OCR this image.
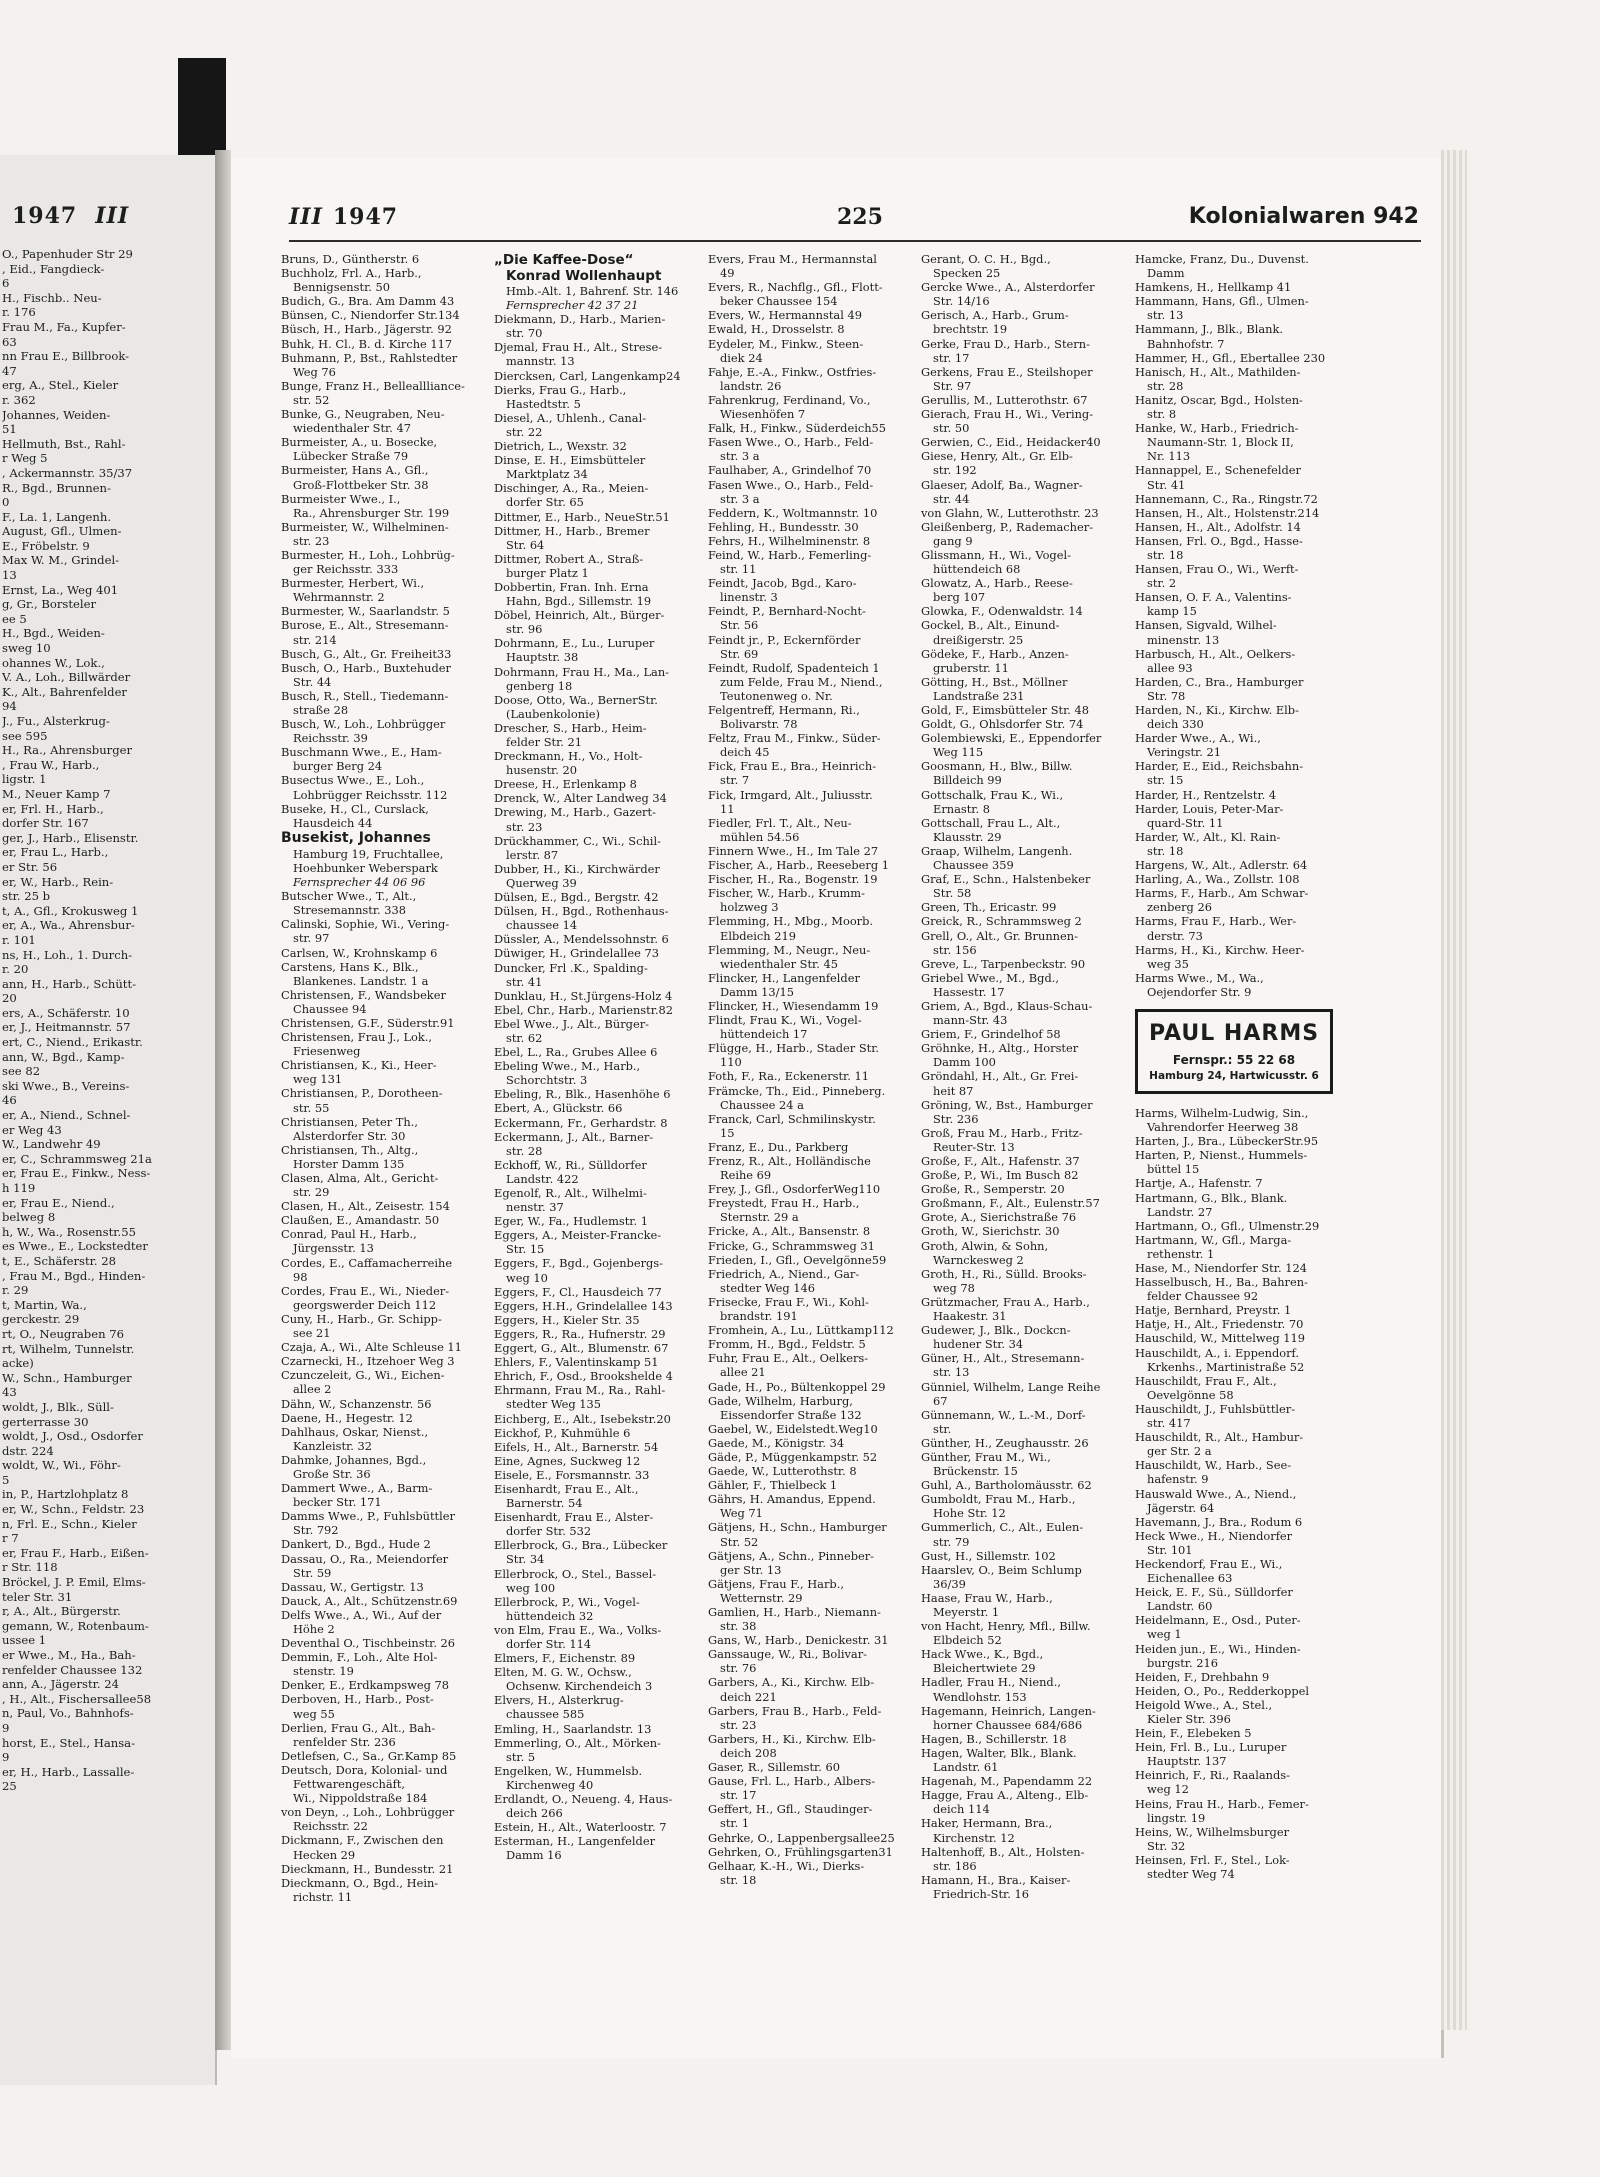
1947 III
O., Papenhuder Str 29
, Eid., Fangdieck-
6
H., Fischb.. Neu-
r. 176
Frau M., Fa., Kupfer-
63
nn Frau E., Billbrook-
47
erg, A., Stel., Kieler
r. 362
Johannes, Weiden-
51
Hellmuth, Bst., Rahl-
r Weg 5
, Ackermannstr. 35/37
R., Bgd., Brunnen-
0
F., La. 1, Langenh.
August, Gfl., Ulmen-
E., Fröbelstr. 9
Max W. M., Grindel-
13
Ernst, La., Weg 401
g, Gr., Borsteler
ee 5
H., Bgd., Weiden-
sweg 10
ohannes W., Lok.,
V. A., Loh., Billwärder
K., Alt., Bahrenfelder
94
J., Fu., Alsterkrug-
see 595
H., Ra., Ahrensburger
, Frau W., Harb.,
ligstr. 1
M., Neuer Kamp 7
er, Frl. H., Harb.,
dorfer Str. 167
ger, J., Harb., Elisenstr.
er, Frau L., Harb.,
er Str. 56
er, W., Harb., Rein-
str. 25 b
t, A., Gfl., Krokusweg 1
er, A., Wa., Ahrensbur-
r. 101
ns, H., Loh., 1. Durch-
r. 20
ann, H., Harb., Schütt-
20
ers, A., Schäferstr. 10
er, J., Heitmannstr. 57
ert, C., Niend., Erikastr.
ann, W., Bgd., Kamp-
see 82
ski Wwe., B., Vereins-
46
er, A., Niend., Schnel-
er Weg 43
W., Landwehr 49
er, C., Schrammsweg 21a
er, Frau E., Finkw., Ness-
h 119
er, Frau E., Niend.,
belweg 8
h, W., Wa., Rosenstr.55
es Wwe., E., Lockstedter
t, E., Schäferstr. 28
, Frau M., Bgd., Hinden-
r. 29
t, Martin, Wa.,
gerckestr. 29
rt, O., Neugraben 76
rt, Wilhelm, Tunnelstr.
acke)
W., Schn., Hamburger
43
woldt, J., Blk., Süll-
gerterrasse 30
woldt, J., Osd., Osdorfer
dstr. 224
woldt, W., Wi., Föhr-
5
in, P., Hartzlohplatz 8
er, W., Schn., Feldstr. 23
n, Frl. E., Schn., Kieler
r 7
er, Frau F., Harb., Eißen-
r Str. 118
Bröckel, J. P. Emil, Elms-
teler Str. 31
r, A., Alt., Bürgerstr.
gemann, W., Rotenbaum-
ussee 1
er Wwe., M., Ha., Bah-
renfelder Chaussee 132
ann, A., Jägerstr. 24
, H., Alt., Fischersallee58
n, Paul, Vo., Bahnhofs-
9
horst, E., Stel., Hansa-
9
er, H., Harb., Lassalle-
25
III 1947	225	Kolonialwaren 942
Bruns, D., Güntherstr. 6
Buchholz, Frl. A., Harb.,
Bennigsenstr. 50
Budich, G., Bra. Am Damm 43
Bünsen, C., Niendorfer Str.134
Büsch, H., Harb., Jägerstr. 92
Buhk, H. Cl., B. d. Kirche 117
Buhmann, P., Bst., Rahlstedter
Weg 76
Bunge, Franz H., Belleallliance-
str. 52
Bunke, G., Neugraben, Neu-
wiedenthaler Str. 47
Burmeister, A., u. Bosecke,
Lübecker Straße 79
Burmeister, Hans A., Gfl.,
Groß-Flottbeker Str. 38
Burmeister Wwe., I.,
Ra., Ahrensburger Str. 199
Burmeister, W., Wilhelminen-
str. 23
Burmester, H., Loh., Lohbrüg-
ger Reichsstr. 333
Burmester, Herbert, Wi.,
Wehrmannstr. 2
Burmester, W., Saarlandstr. 5
Burose, E., Alt., Stresemann-
str. 214
Busch, G., Alt., Gr. Freiheit33
Busch, O., Harb., Buxtehuder
Str. 44
Busch, R., Stell., Tiedemann-
straße 28
Busch, W., Loh., Lohbrügger
Reichsstr. 39
Buschmann Wwe., E., Ham-
burger Berg 24
Busectus Wwe., E., Loh.,
Lohbrügger Reichsstr. 112
Buseke, H., Cl., Curslack,
Hausdeich 44
Busekist, Johannes
Hamburg 19, Fruchtallee,
Hoehbunker Weberspark
Fernsprecher 44 06 96
Butscher Wwe., T., Alt.,
Stresemannstr. 338
Calinski, Sophie, Wi., Vering-
str. 97
Carlsen, W., Krohnskamp 6
Carstens, Hans K., Blk.,
Blankenes. Landstr. 1 a
Christensen, F., Wandsbeker
Chaussee 94
Christensen, G.F., Süderstr.91
Christensen, Frau J., Lok.,
Friesenweg
Christiansen, K., Ki., Heer-
weg 131
Christiansen, P., Dorotheen-
str. 55
Christiansen, Peter Th.,
Alsterdorfer Str. 30
Christiansen, Th., Altg.,
Horster Damm 135
Clasen, Alma, Alt., Gericht-
str. 29
Clasen, H., Alt., Zeisestr. 154
Claußen, E., Amandastr. 50
Conrad, Paul H., Harb.,
Jürgensstr. 13
Cordes, E., Caffamacherreihe
98
Cordes, Frau E., Wi., Nieder-
georgswerder Deich 112
Cuny, H., Harb., Gr. Schipp-
see 21
Czaja, A., Wi., Alte Schleuse 11
Czarnecki, H., Itzehoer Weg 3
Czunczeleit, G., Wi., Eichen-
allee 2
Dähn, W., Schanzenstr. 56
Daene, H., Hegestr. 12
Dahlhaus, Oskar, Nienst.,
Kanzleistr. 32
Dahmke, Johannes, Bgd.,
Große Str. 36
Dammert Wwe., A., Barm-
becker Str. 171
Damms Wwe., P., Fuhlsbüttler
Str. 792
Dankert, D., Bgd., Hude 2
Dassau, O., Ra., Meiendorfer
Str. 59
Dassau, W., Gertigstr. 13
Dauck, A., Alt., Schützenstr.69
Delfs Wwe., A., Wi., Auf der
Höhe 2
Deventhal O., Tischbeinstr. 26
Demmin, F., Loh., Alte Hol-
stenstr. 19
Denker, E., Erdkampsweg 78
Derboven, H., Harb., Post-
weg 55
Derlien, Frau G., Alt., Bah-
renfelder Str. 236
Detlefsen, C., Sa., Gr.Kamp 85
Deutsch, Dora, Kolonial- und
Fettwarengeschäft,
Wi., Nippoldstraße 184
von Deyn, ., Loh., Lohbrügger
Reichsstr. 22
Dickmann, F., Zwischen den
Hecken 29
Dieckmann, H., Bundesstr. 21
Dieckmann, O., Bgd., Hein-
richstr. 11
„Die Kaffee-Dose“
Konrad Wollenhaupt
Hmb.-Alt. 1, Bahrenf. Str. 146
Fernsprecher 42 37 21
Diekmann, D., Harb., Marien-
str. 70
Djemal, Frau H., Alt., Strese-
mannstr. 13
Diercksen, Carl, Langenkamp24
Dierks, Frau G., Harb.,
Hastedtstr. 5
Diesel, A., Uhlenh., Canal-
str. 22
Dietrich, L., Wexstr. 32
Dinse, E. H., Eimsbütteler
Marktplatz 34
Dischinger, A., Ra., Meien-
dorfer Str. 65
Dittmer, E., Harb., NeueStr.51
Dittmer, H., Harb., Bremer
Str. 64
Dittmer, Robert A., Straß-
burger Platz 1
Dobbertin, Fran. Inh. Erna
Hahn, Bgd., Sillemstr. 19
Döbel, Heinrich, Alt., Bürger-
str. 96
Dohrmann, E., Lu., Luruper
Hauptstr. 38
Dohrmann, Frau H., Ma., Lan-
genberg 18
Doose, Otto, Wa., BernerStr.
(Laubenkolonie)
Drescher, S., Harb., Heim-
felder Str. 21
Dreckmann, H., Vo., Holt-
husenstr. 20
Dreese, H., Erlenkamp 8
Drenck, W., Alter Landweg 34
Drewing, M., Harb., Gazert-
str. 23
Drückhammer, C., Wi., Schil-
lerstr. 87
Dubber, H., Ki., Kirchwärder
Querweg 39
Dülsen, E., Bgd., Bergstr. 42
Dülsen, H., Bgd., Rothenhaus-
chaussee 14
Düssler, A., Mendelssohnstr. 6
Düwiger, H., Grindelallee 73
Duncker, Frl .K., Spalding-
str. 41
Dunklau, H., St.Jürgens-Holz 4
Ebel, Chr., Harb., Marienstr.82
Ebel Wwe., J., Alt., Bürger-
str. 62
Ebel, L., Ra., Grubes Allee 6
Ebeling Wwe., M., Harb.,
Schorchtstr. 3
Ebeling, R., Blk., Hasenhöhe 6
Ebert, A., Glückstr. 66
Eckermann, Fr., Gerhardstr. 8
Eckermann, J., Alt., Barner-
str. 28
Eckhoff, W., Ri., Sülldorfer
Landstr. 422
Egenolf, R., Alt., Wilhelmi-
nenstr. 37
Eger, W., Fa., Hudlemstr. 1
Eggers, A., Meister-Francke-
Str. 15
Eggers, F., Bgd., Gojenbergs-
weg 10
Eggers, F., Cl., Hausdeich 77
Eggers, H.H., Grindelallee 143
Eggers, H., Kieler Str. 35
Eggers, R., Ra., Hufnerstr. 29
Eggert, G., Alt., Blumenstr. 67
Ehlers, F., Valentinskamp 51
Ehrich, F., Osd., Brookshelde 4
Ehrmann, Frau M., Ra., Rahl-
stedter Weg 135
Eichberg, E., Alt., Isebekstr.20
Eickhof, P., Kuhmühle 6
Eifels, H., Alt., Barnerstr. 54
Eine, Agnes, Suckweg 12
Eisele, E., Forsmannstr. 33
Eisenhardt, Frau E., Alt.,
Barnerstr. 54
Eisenhardt, Frau E., Alster-
dorfer Str. 532
Ellerbrock, G., Bra., Lübecker
Str. 34
Ellerbrock, O., Stel., Bassel-
weg 100
Ellerbrock, P., Wi., Vogel-
hüttendeich 32
von Elm, Frau E., Wa., Volks-
dorfer Str. 114
Elmers, F., Eichenstr. 89
Elten, M. G. W., Ochsw.,
Ochsenw. Kirchendeich 3
Elvers, H., Alsterkrug-
chaussee 585
Emling, H., Saarlandstr. 13
Emmerling, O., Alt., Mörken-
str. 5
Engelken, W., Hummelsb.
Kirchenweg 40
Erdlandt, O., Neueng. 4, Haus-
deich 266
Estein, H., Alt., Waterloostr. 7
Esterman, H., Langenfelder
Damm 16
Evers, Frau M., Hermannstal
49
Evers, R., Nachflg., Gfl., Flott-
beker Chaussee 154
Evers, W., Hermannstal 49
Ewald, H., Drosselstr. 8
Eydeler, M., Finkw., Steen-
diek 24
Fahje, E.-A., Finkw., Ostfries-
landstr. 26
Fahrenkrug, Ferdinand, Vo.,
Wiesenhöfen 7
Falk, H., Finkw., Süderdeich55
Fasen Wwe., O., Harb., Feld-
str. 3 a
Faulhaber, A., Grindelhof 70
Fasen Wwe., O., Harb., Feld-
str. 3 a
Feddern, K., Woltmannstr. 10
Fehling, H., Bundesstr. 30
Fehrs, H., Wilhelminenstr. 8
Feind, W., Harb., Femerling-
str. 11
Feindt, Jacob, Bgd., Karo-
linenstr. 3
Feindt, P., Bernhard-Nocht-
Str. 56
Feindt jr., P., Eckernförder
Str. 69
Feindt, Rudolf, Spadenteich 1
zum Felde, Frau M., Niend.,
Teutonenweg o. Nr.
Felgentreff, Hermann, Ri.,
Bolivarstr. 78
Feltz, Frau M., Finkw., Süder-
deich 45
Fick, Frau E., Bra., Heinrich-
str. 7
Fick, Irmgard, Alt., Juliusstr.
11
Fiedler, Frl. T., Alt., Neu-
mühlen 54.56
Finnern Wwe., H., Im Tale 27
Fischer, A., Harb., Reeseberg 1
Fischer, H., Ra., Bogenstr. 19
Fischer, W., Harb., Krumm-
holzweg 3
Flemming, H., Mbg., Moorb.
Elbdeich 219
Flemming, M., Neugr., Neu-
wiedenthaler Str. 45
Flincker, H., Langenfelder
Damm 13/15
Flincker, H., Wiesendamm 19
Flindt, Frau K., Wi., Vogel-
hüttendeich 17
Flügge, H., Harb., Stader Str.
110
Foth, F., Ra., Eckenerstr. 11
Främcke, Th., Eid., Pinneberg.
Chaussee 24 a
Franck, Carl, Schmilinskystr.
15
Franz, E., Du., Parkberg
Frenz, R., Alt., Holländische
Reihe 69
Frey, J., Gfl., OsdorferWeg110
Freystedt, Frau H., Harb.,
Sternstr. 29 a
Fricke, A., Alt., Bansenstr. 8
Fricke, G., Schrammsweg 31
Frieden, I., Gfl., Oevelgönne59
Friedrich, A., Niend., Gar-
stedter Weg 146
Frisecke, Frau F., Wi., Kohl-
brandstr. 191
Fromhein, A., Lu., Lüttkamp112
Fromm, H., Bgd., Feldstr. 5
Fuhr, Frau E., Alt., Oelkers-
allee 21
Gade, H., Po., Bültenkoppel 29
Gade, Wilhelm, Harburg,
Eissendorfer Straße 132
Gaebel, W., Eidelstedt.Weg10
Gaede, M., Königstr. 34
Gäde, P., Müggenkampstr. 52
Gaede, W., Lutterothstr. 8
Gähler, F., Thielbeck 1
Gährs, H. Amandus, Eppend.
Weg 71
Gätjens, H., Schn., Hamburger
Str. 52
Gätjens, A., Schn., Pinneber-
ger Str. 13
Gätjens, Frau F., Harb.,
Wetternstr. 29
Gamlien, H., Harb., Niemann-
str. 38
Gans, W., Harb., Denickestr. 31
Ganssauge, W., Ri., Bolivar-
str. 76
Garbers, A., Ki., Kirchw. Elb-
deich 221
Garbers, Frau B., Harb., Feld-
str. 23
Garbers, H., Ki., Kirchw. Elb-
deich 208
Gaser, R., Sillemstr. 60
Gause, Frl. L., Harb., Albers-
str. 17
Geffert, H., Gfl., Staudinger-
str. 1
Gehrke, O., Lappenbergsallee25
Gehrken, O., Frühlingsgarten31
Gelhaar, K.-H., Wi., Dierks-
str. 18
Gerant, O. C. H., Bgd.,
Specken 25
Gercke Wwe., A., Alsterdorfer
Str. 14/16
Gerisch, A., Harb., Grum-
brechtstr. 19
Gerke, Frau D., Harb., Stern-
str. 17
Gerkens, Frau E., Steilshoper
Str. 97
Gerullis, M., Lutterothstr. 67
Gierach, Frau H., Wi., Vering-
str. 50
Gerwien, C., Eid., Heidacker40
Giese, Henry, Alt., Gr. Elb-
str. 192
Glaeser, Adolf, Ba., Wagner-
str. 44
von Glahn, W., Lutterothstr. 23
Gleißenberg, P., Rademacher-
gang 9
Glissmann, H., Wi., Vogel-
hüttendeich 68
Glowatz, A., Harb., Reese-
berg 107
Glowka, F., Odenwaldstr. 14
Gockel, B., Alt., Einund-
dreißigerstr. 25
Gödeke, F., Harb., Anzen-
gruberstr. 11
Götting, H., Bst., Möllner
Landstraße 231
Gold, F., Eimsbütteler Str. 48
Goldt, G., Ohlsdorfer Str. 74
Golembiewski, E., Eppendorfer
Weg 115
Goosmann, H., Blw., Billw.
Billdeich 99
Gottschalk, Frau K., Wi.,
Ernastr. 8
Gottschall, Frau L., Alt.,
Klausstr. 29
Graap, Wilhelm, Langenh.
Chaussee 359
Graf, E., Schn., Halstenbeker
Str. 58
Green, Th., Ericastr. 99
Greick, R., Schrammsweg 2
Grell, O., Alt., Gr. Brunnen-
str. 156
Greve, L., Tarpenbeckstr. 90
Griebel Wwe., M., Bgd.,
Hassestr. 17
Griem, A., Bgd., Klaus-Schau-
mann-Str. 43
Griem, F., Grindelhof 58
Gröhnke, H., Altg., Horster
Damm 100
Gröndahl, H., Alt., Gr. Frei-
heit 87
Gröning, W., Bst., Hamburger
Str. 236
Groß, Frau M., Harb., Fritz-
Reuter-Str. 13
Große, F., Alt., Hafenstr. 37
Große, P., Wi., Im Busch 82
Große, R., Semperstr. 20
Großmann, F., Alt., Eulenstr.57
Grote, A., Sierichstraße 76
Groth, W., Sierichstr. 30
Groth, Alwin, & Sohn,
Warnckesweg 2
Groth, H., Ri., Sülld. Brooks-
weg 78
Grützmacher, Frau A., Harb.,
Haakestr. 31
Gudewer, J., Blk., Dockcn-
hudener Str. 34
Güner, H., Alt., Stresemann-
str. 13
Günniel, Wilhelm, Lange Reihe
67
Günnemann, W., L.-M., Dorf-
str.
Günther, H., Zeughausstr. 26
Günther, Frau M., Wi.,
Brückenstr. 15
Guhl, A., Bartholomäusstr. 62
Gumboldt, Frau M., Harb.,
Hohe Str. 12
Gummerlich, C., Alt., Eulen-
str. 79
Gust, H., Sillemstr. 102
Haarslev, O., Beim Schlump
36/39
Haase, Frau W., Harb.,
Meyerstr. 1
von Hacht, Henry, Mfl., Billw.
Elbdeich 52
Hack Wwe., K., Bgd.,
Bleichertwiete 29
Hadler, Frau H., Niend.,
Wendlohstr. 153
Hagemann, Heinrich, Langen-
horner Chaussee 684/686
Hagen, B., Schillerstr. 18
Hagen, Walter, Blk., Blank.
Landstr. 61
Hagenah, M., Papendamm 22
Hagge, Frau A., Alteng., Elb-
deich 114
Haker, Hermann, Bra.,
Kirchenstr. 12
Haltenhoff, B., Alt., Holsten-
str. 186
Hamann, H., Bra., Kaiser-
Friedrich-Str. 16
Hamcke, Franz, Du., Duvenst.
Damm
Hamkens, H., Hellkamp 41
Hammann, Hans, Gfl., Ulmen-
str. 13
Hammann, J., Blk., Blank.
Bahnhofstr. 7
Hammer, H., Gfl., Ebertallee 230
Hanisch, H., Alt., Mathilden-
str. 28
Hanitz, Oscar, Bgd., Holsten-
str. 8
Hanke, W., Harb., Friedrich-
Naumann-Str. 1, Block II,
Nr. 113
Hannappel, E., Schenefelder
Str. 41
Hannemann, C., Ra., Ringstr.72
Hansen, H., Alt., Holstenstr.214
Hansen, H., Alt., Adolfstr. 14
Hansen, Frl. O., Bgd., Hasse-
str. 18
Hansen, Frau O., Wi., Werft-
str. 2
Hansen, O. F. A., Valentins-
kamp 15
Hansen, Sigvald, Wilhel-
minenstr. 13
Harbusch, H., Alt., Oelkers-
allee 93
Harden, C., Bra., Hamburger
Str. 78
Harden, N., Ki., Kirchw. Elb-
deich 330
Harder Wwe., A., Wi.,
Veringstr. 21
Harder, E., Eid., Reichsbahn-
str. 15
Harder, H., Rentzelstr. 4
Harder, Louis, Peter-Mar-
quard-Str. 11
Harder, W., Alt., Kl. Rain-
str. 18
Hargens, W., Alt., Adlerstr. 64
Harling, A., Wa., Zollstr. 108
Harms, F., Harb., Am Schwar-
zenberg 26
Harms, Frau F., Harb., Wer-
derstr. 73
Harms, H., Ki., Kirchw. Heer-
weg 35
Harms Wwe., M., Wa.,
Oejendorfer Str. 9
PAUL HARMS
Fernspr.: 55 22 68
Hamburg 24, Hartwicusstr. 6
Harms, Wilhelm-Ludwig, Sin.,
Vahrendorfer Heerweg 38
Harten, J., Bra., LübeckerStr.95
Harten, P., Nienst., Hummels-
büttel 15
Hartje, A., Hafenstr. 7
Hartmann, G., Blk., Blank.
Landstr. 27
Hartmann, O., Gfl., Ulmenstr.29
Hartmann, W., Gfl., Marga-
rethenstr. 1
Hase, M., Niendorfer Str. 124
Hasselbusch, H., Ba., Bahren-
felder Chaussee 92
Hatje, Bernhard, Preystr. 1
Hatje, H., Alt., Friedenstr. 70
Hauschild, W., Mittelweg 119
Hauschildt, A., i. Eppendorf.
Krkenhs., Martinistraße 52
Hauschildt, Frau F., Alt.,
Oevelgönne 58
Hauschildt, J., Fuhlsbüttler-
str. 417
Hauschildt, R., Alt., Hambur-
ger Str. 2 a
Hauschildt, W., Harb., See-
hafenstr. 9
Hauswald Wwe., A., Niend.,
Jägerstr. 64
Havemann, J., Bra., Rodum 6
Heck Wwe., H., Niendorfer
Str. 101
Heckendorf, Frau E., Wi.,
Eichenallee 63
Heick, E. F., Sü., Sülldorfer
Landstr. 60
Heidelmann, E., Osd., Puter-
weg 1
Heiden jun., E., Wi., Hinden-
burgstr. 216
Heiden, F., Drehbahn 9
Heiden, O., Po., Redderkoppel
Heigold Wwe., A., Stel.,
Kieler Str. 396
Hein, F., Elebeken 5
Hein, Frl. B., Lu., Luruper
Hauptstr. 137
Heinrich, F., Ri., Raalands-
weg 12
Heins, Frau H., Harb., Femer-
lingstr. 19
Heins, W., Wilhelmsburger
Str. 32
Heinsen, Frl. F., Stel., Lok-
stedter Weg 74
